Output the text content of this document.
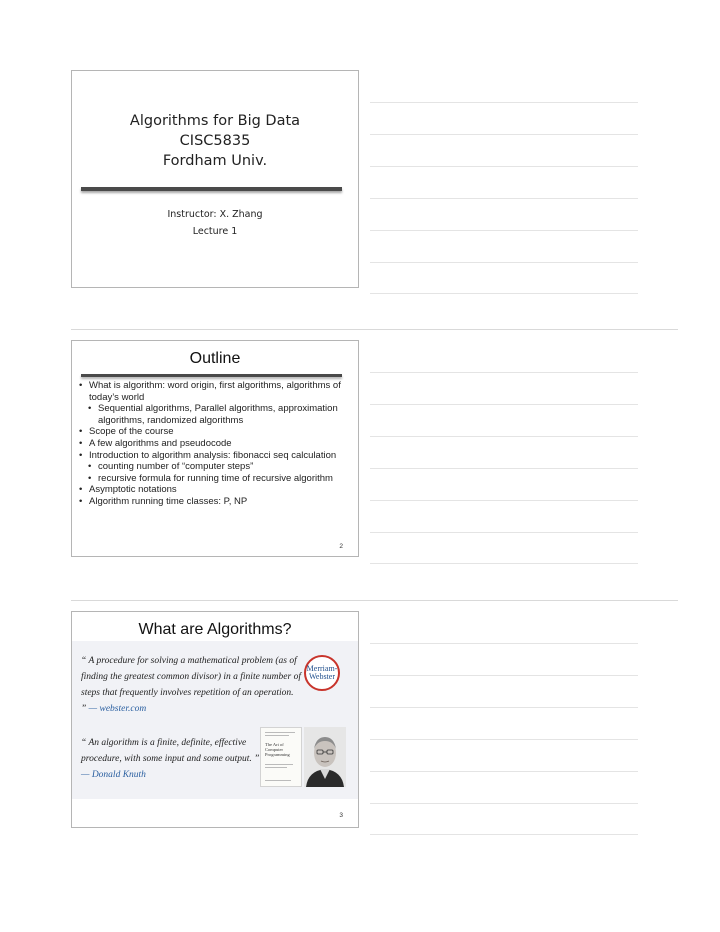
Algorithms for Big Data
CISC5835
Fordham Univ.
Instructor: X. Zhang
Lecture 1
Outline
• What is algorithm: word origin, first algorithms, algorithms of today’s world
• Sequential algorithms, Parallel algorithms, approximation algorithms, randomized algorithms
• Scope of the course
• A few algorithms and pseudocode
• Introduction to algorithm analysis: fibonacci seq calculation
• counting number of “computer steps”
• recursive formula for running time of recursive algorithm
• Asymptotic notations
• Algorithm running time classes: P, NP
2
What are Algorithms?
“ A procedure for solving a mathematical problem (as of finding the greatest common divisor) in a finite number of steps that frequently involves repetition of an operation. ” — webster.com
Merriam-
Webster
“ An algorithm is a finite, definite, effective procedure, with some input and some output. ”
— Donald Knuth
The Art of
Computer
Programming
3
